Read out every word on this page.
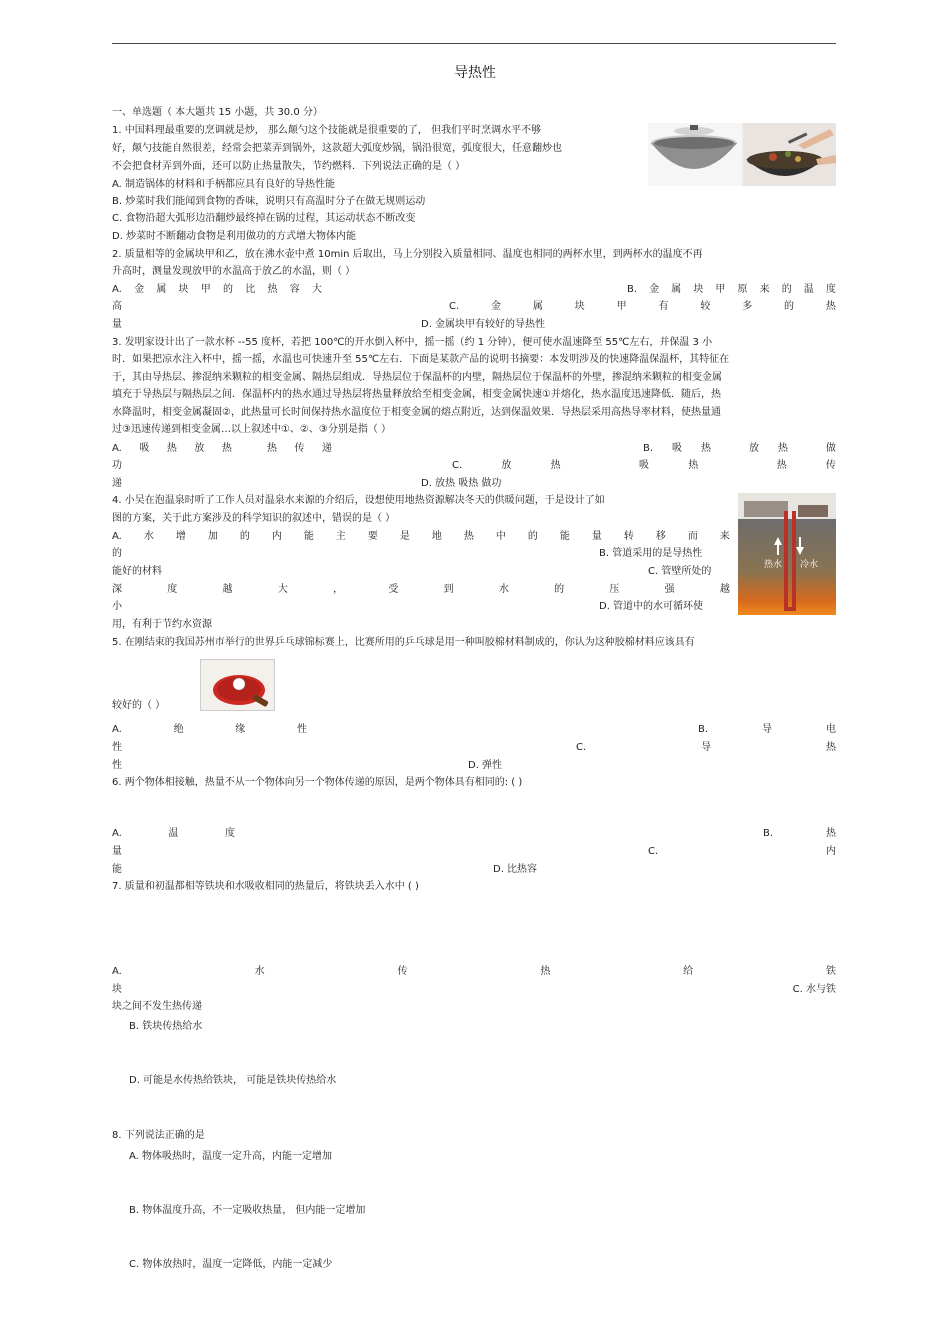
导热性
一、单选题（ 本大题共 15 小题，共 30.0 分）
1. 中国料理最重要的烹调就是炒， 那么颠勺这个技能就是很重要的了， 但我们平时烹调水平不够
好，颠勺技能自然很差，经常会把菜弄到锅外，这款超大弧度炒锅，锅沿很宽，弧度很大，任意翻炒也
不会把食材弄到外面，还可以防止热量散失，节约燃料．下列说法正确的是（ ）
A. 制造锅体的材料和手柄都应具有良好的导热性能
B. 炒菜时我们能闻到食物的香味，说明只有高温时分子在做无规则运动
C. 食物沿超大弧形边沿翻炒最终掉在锅的过程，其运动状态不断改变
D. 炒菜时不断翻动食物是利用做功的方式增大物体内能
2. 质量相等的金属块甲和乙，放在沸水壶中煮 10min 后取出，马上分别投入质量相同、温度也相同的两杯水里，到两杯水的温度不再
升高时，测量发现放甲的水温高于放乙的水温，则（ ）
A. 金 属 块 甲 的 比 热 容 大	B. 金 属 块 甲 原 来 的 温 度
高	C.	金	属	块	甲	有	较	多	的	热
量	D. 金属块甲有较好的导热性
3. 发明家设计出了一款水杯 --55 度杯，若把 100℃的开水倒入杯中，摇一摇（约 1 分钟），便可使水温速降至 55℃左右，并保温 3 小
时．如果把凉水注入杯中，摇一摇，水温也可快速升至 55℃左右．下面是某款产品的说明书摘要：本发明涉及的快速降温保温杯，其特征在
于，其由导热层、掺混纳米颗粒的相变金属、隔热层组成．导热层位于保温杯的内壁，隔热层位于保温杯的外壁，掺混纳米颗粒的相变金属
填充于导热层与隔热层之间．保温杯内的热水通过导热层将热量释放给至相变金属，相变金属快速①并熔化，热水温度迅速降低．随后，热
水降温时，相变金属凝固②，此热量可长时间保持热水温度位于相变金属的熔点附近，达到保温效果．导热层采用高热导率材料，使热量通
过③迅速传递到相变金属…以上叙述中①、②、③分别是指（ ）
A. 吸 热 放 热	热 传 递	B. 吸 热	放 热	做
功	C.	放	热	吸	热	热	传
递	D. 放热 吸热 做功
4. 小吴在泡温泉时听了工作人员对温泉水来源的介绍后，设想使用地热资源解决冬天的供暖问题，于是设计了如
图的方案，关于此方案涉及的科学知识的叙述中，错误的是（ ）
A. 水 增 加 的 内 能 主 要 是 地 热 中 的 能 量 转 移 而 来
的	B. 管道采用的是导热性
能好的材料	C. 管壁所处的
深	度	越	大	，	受	到	水	的	压	强	越
小	D. 管道中的水可循环使
用，有利于节约水资源
热水 冷水
5. 在刚结束的我国苏州市举行的世界乒乓球锦标赛上，比赛所用的乒乓球是用一种叫胶棉材料制成的，你认为这种胶棉材料应该具有
较好的（ ）
A.	绝	缘	性	B.	导	电
性	C.	导	热
性	D. 弹性
6. 两个物体相接触，热量不从一个物体向另一个物体传递的原因，是两个物体具有相同的: ( )
A.	温	度	B.	热
量	C.	内
能	D. 比热容
7. 质量和初温都相等铁块和水吸收相同的热量后，将铁块丢入水中 ( )
A.	水	传	热	给	铁
块	C. 水与铁
块之间不发生热传递
B. 铁块传热给水
D. 可能是水传热给铁块， 可能是铁块传热给水
8. 下列说法正确的是
A. 物体吸热时，温度一定升高，内能一定增加
B. 物体温度升高，不一定吸收热量， 但内能一定增加
C. 物体放热时，温度一定降低，内能一定减少
